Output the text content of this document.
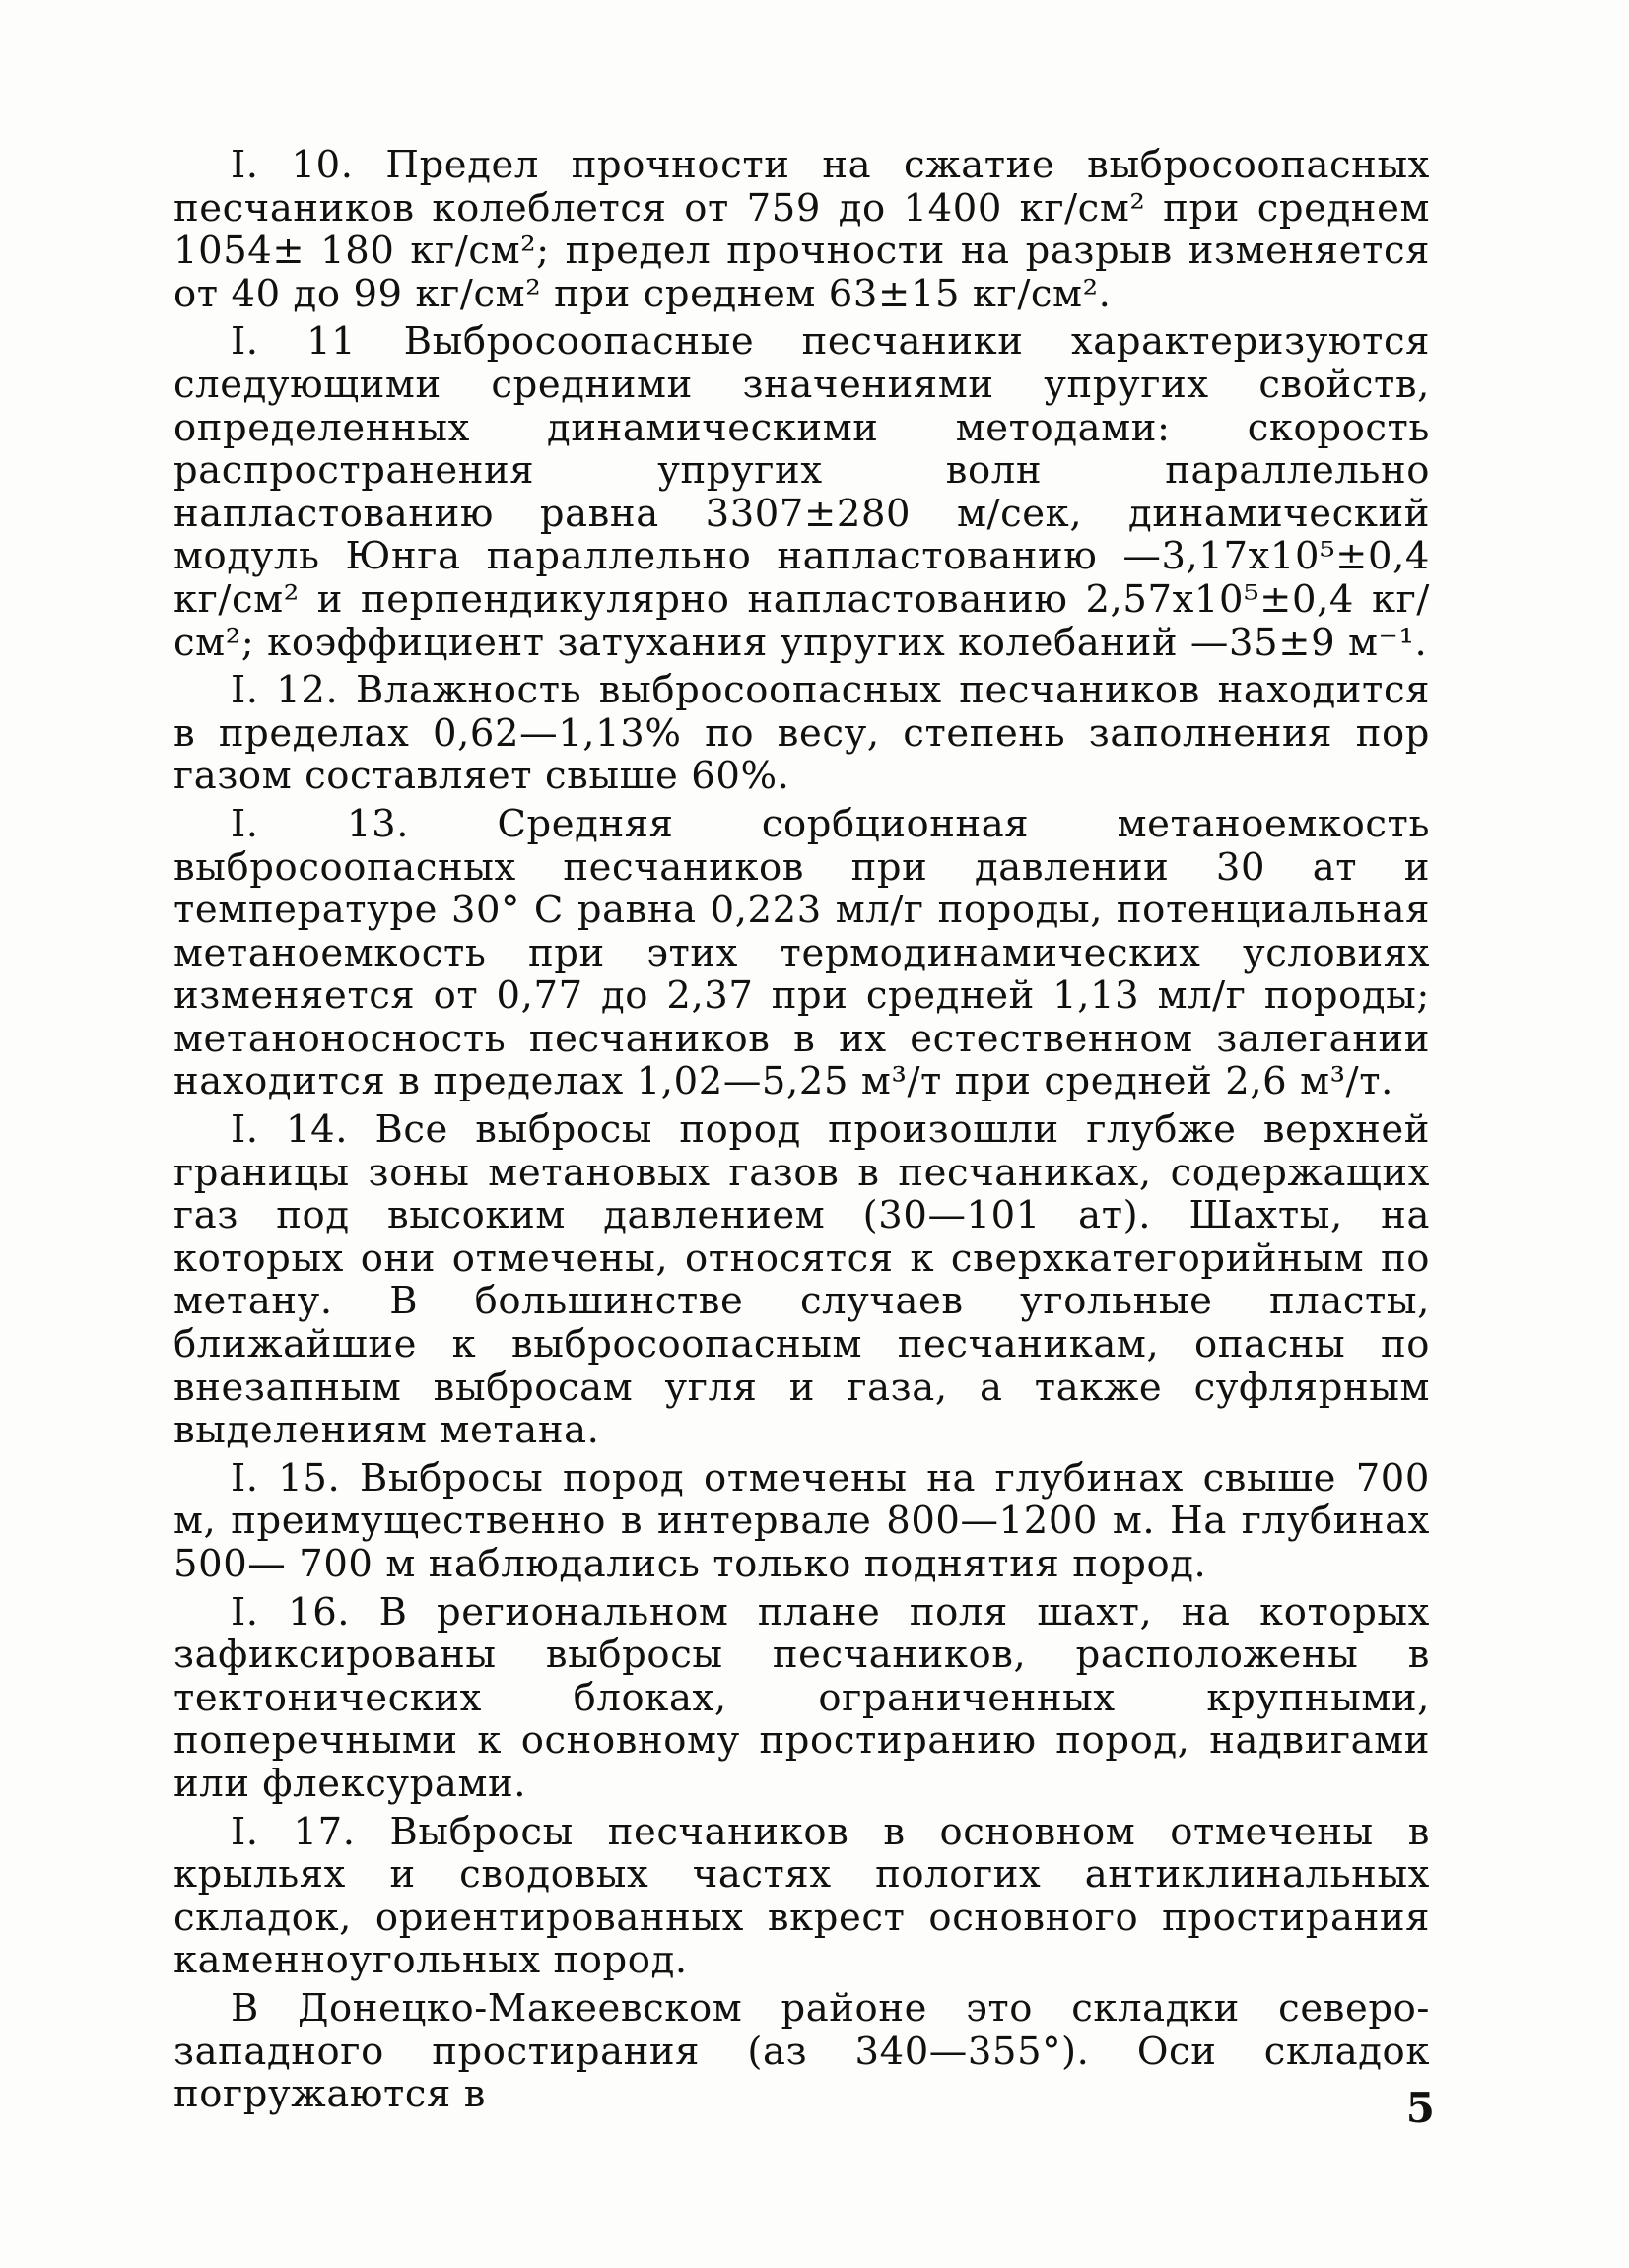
I. 10. Предел прочности на сжатие выбросоопасных песчаников колеблется от 759 до 1400 кг/см² при среднем 1054± 180 кг/см²; предел прочности на разрыв изменяется от 40 до 99 кг/см² при среднем 63±15 кг/см².

I. 11 Выбросоопасные песчаники характеризуются следующими средними значениями упругих свойств, определенных динамическими методами: скорость распространения упругих волн параллельно напластованию равна 3307±280 м/сек, динамический модуль Юнга параллельно напластованию —3,17x10⁵±0,4 кг/см² и перпендикулярно напластованию 2,57x10⁵±0,4 кг/см²; коэффициент затухания упругих колебаний —35±9 м⁻¹.

I. 12. Влажность выбросоопасных песчаников находится в пределах 0,62—1,13% по весу, степень заполнения пор газом составляет свыше 60%.

I. 13. Средняя сорбционная метаноемкость выбросоопасных песчаников при давлении 30 ат и температуре 30° С равна 0,223 мл/г породы, потенциальная метаноемкость при этих термодинамических условиях изменяется от 0,77 до 2,37 при средней 1,13 мл/г породы; метаноносность песчаников в их естественном залегании находится в пределах 1,02—5,25 м³/т при средней 2,6 м³/т.

I. 14. Все выбросы пород произошли глубже верхней границы зоны метановых газов в песчаниках, содержащих газ под высоким давлением (30—101 ат). Шахты, на которых они отмечены, относятся к сверхкатегорийным по метану. В большинстве случаев угольные пласты, ближайшие к выбросоопасным песчаникам, опасны по внезапным выбросам угля и газа, а также суфлярным выделениям метана.

I. 15. Выбросы пород отмечены на глубинах свыше 700 м, преимущественно в интервале 800—1200 м. На глубинах 500— 700 м наблюдались только поднятия пород.

I. 16. В региональном плане поля шахт, на которых зафиксированы выбросы песчаников, расположены в тектонических блоках, ограниченных крупными, поперечными к основному простиранию пород, надвигами или флексурами.

I. 17. Выбросы песчаников в основном отмечены в крыльях и сводовых частях пологих антиклинальных складок, ориентированных вкрест основного простирания каменноугольных пород.

В Донецко-Макеевском районе это складки северо-западного простирания (аз 340—355°). Оси складок погружаются в	5
